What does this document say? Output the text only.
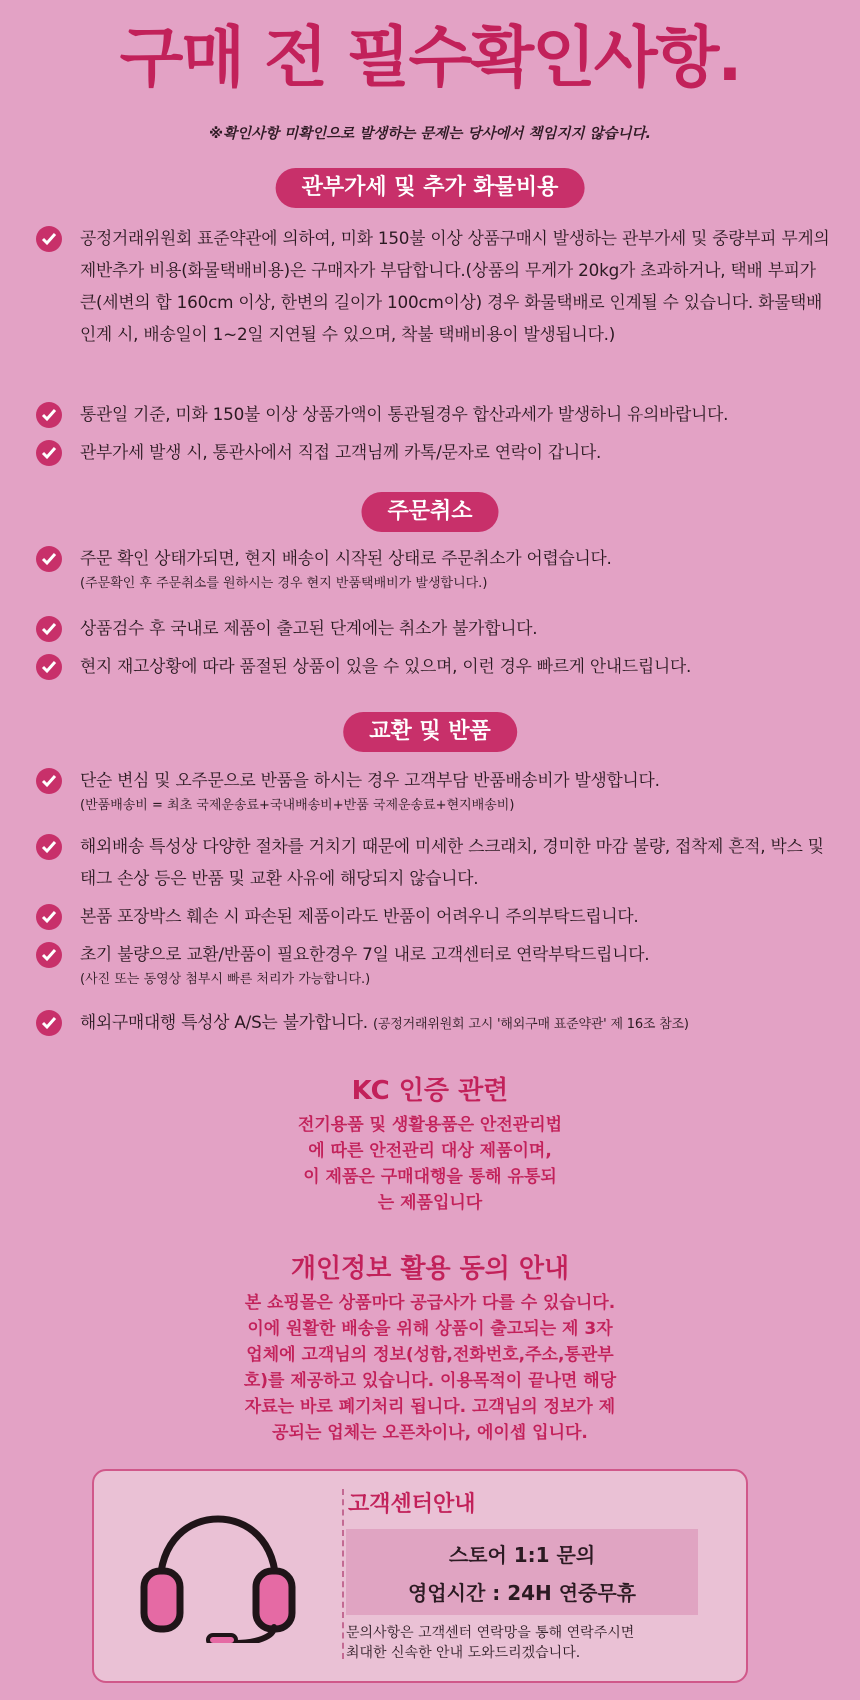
구매 전 필수확인사항.
※확인사항 미확인으로 발생하는 문제는 당사에서 책임지지 않습니다.
관부가세 및 추가 화물비용
공정거래위원회 표준약관에 의하여, 미화 150불 이상 상품구매시 발생하는 관부가세 및 중량부피 무게의 제반추가 비용(화물택배비용)은 구매자가 부담합니다.(상품의 무게가 20kg가 초과하거나, 택배 부피가 큰(세변의 합 160cm 이상, 한변의 길이가 100cm이상) 경우 화물택배로 인계될 수 있습니다. 화물택배 인계 시, 배송일이 1~2일 지연될 수 있으며, 착불 택배비용이 발생됩니다.)
통관일 기준, 미화 150불 이상 상품가액이 통관될경우 합산과세가 발생하니 유의바랍니다.
관부가세 발생 시, 통관사에서 직접 고객님께 카톡/문자로 연락이 갑니다.
주문취소
주문 확인 상태가되면, 현지 배송이 시작된 상태로 주문취소가 어렵습니다.
(주문확인 후 주문취소를 원하시는 경우 현지 반품택배비가 발생합니다.)
상품검수 후 국내로 제품이 출고된 단계에는 취소가 불가합니다.
현지 재고상황에 따라 품절된 상품이 있을 수 있으며, 이런 경우 빠르게 안내드립니다.
교환 및 반품
단순 변심 및 오주문으로 반품을 하시는 경우 고객부담 반품배송비가 발생합니다.
(반품배송비 = 최초 국제운송료+국내배송비+반품 국제운송료+현지배송비)
해외배송 특성상 다양한 절차를 거치기 때문에 미세한 스크래치, 경미한 마감 불량, 접착제 흔적, 박스 및 태그 손상 등은 반품 및 교환 사유에 해당되지 않습니다.
본품 포장박스 훼손 시 파손된 제품이라도 반품이 어려우니 주의부탁드립니다.
초기 불량으로 교환/반품이 필요한경우 7일 내로 고객센터로 연락부탁드립니다.
(사진 또는 동영상 첨부시 빠른 처리가 가능합니다.)
해외구매대행 특성상 A/S는 불가합니다. (공정거래위원회 고시 '해외구매 표준약관' 제 16조 참조)
KC 인증 관련
전기용품 및 생활용품은 안전관리법
에 따른 안전관리 대상 제품이며,
이 제품은 구매대행을 통해 유통되
는 제품입니다
개인정보 활용 동의 안내
본 쇼핑몰은 상품마다 공급사가 다를 수 있습니다.
이에 원활한 배송을 위해 상품이 출고되는 제 3자
업체에 고객님의 정보(성함,전화번호,주소,통관부
호)를 제공하고 있습니다. 이용목적이 끝나면 해당
자료는 바로 폐기처리 됩니다. 고객님의 정보가 제
공되는 업체는 오픈차이나, 에이셉 입니다.
고객센터안내
스토어 1:1 문의
영업시간 : 24H 연중무휴
문의사항은 고객센터 연락망을 통해 연락주시면
최대한 신속한 안내 도와드리겠습니다.
